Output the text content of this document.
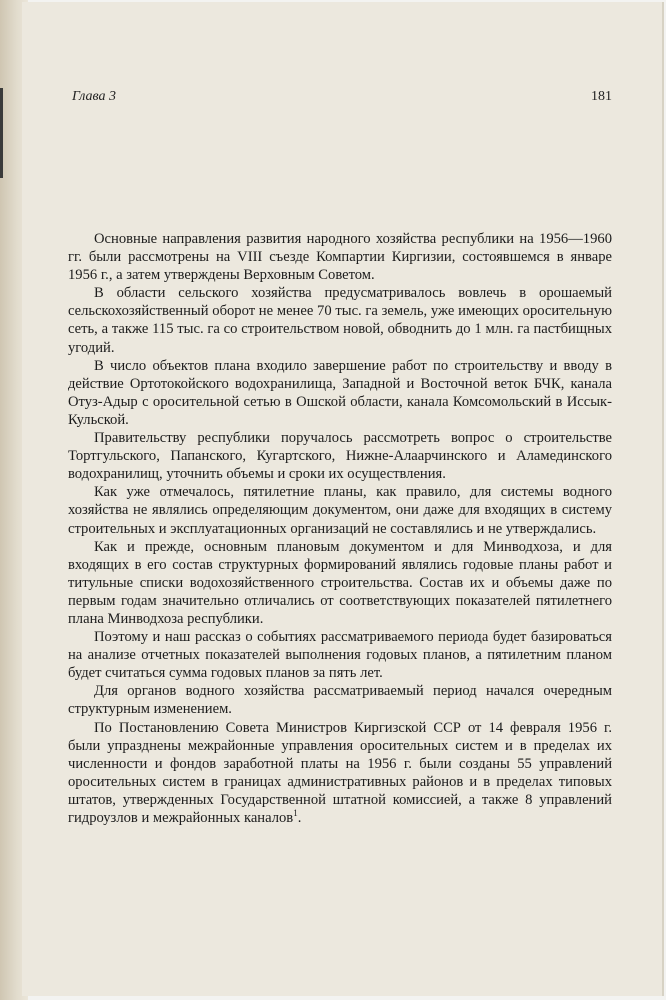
Глава 3	181

Основные направления развития народного хозяйства республики на 1956—1960 гг. были рассмотрены на VIII съезде Компартии Киргизии, состоявшемся в январе 1956 г., а затем утверждены Верховным Советом.

В области сельского хозяйства предусматривалось вовлечь в орошаемый сельскохозяйственный оборот не менее 70 тыс. га земель, уже имеющих оросительную сеть, а также 115 тыс. га со строительством новой, обводнить до 1 млн. га пастбищных угодий.

В число объектов плана входило завершение работ по строительству и вводу в действие Ортотокойского водохранилища, Западной и Восточной веток БЧК, канала Отуз-Адыр с оросительной сетью в Ошской области, канала Комсомольский в Иссык-Кульской.

Правительству республики поручалось рассмотреть вопрос о строительстве Тортгульского, Папанского, Кугартского, Нижне-Алаарчинского и Аламединского водохранилищ, уточнить объемы и сроки их осуществления.

Как уже отмечалось, пятилетние планы, как правило, для системы водного хозяйства не являлись определяющим документом, они даже для входящих в систему строительных и эксплуатационных организаций не составлялись и не утверждались.

Как и прежде, основным плановым документом и для Минводхоза, и для входящих в его состав структурных формирований являлись годовые планы работ и титульные списки водохозяйственного строительства. Состав их и объемы даже по первым годам значительно отличались от соответствующих показателей пятилетнего плана Минводхоза республики.

Поэтому и наш рассказ о событиях рассматриваемого периода будет базироваться на анализе отчетных показателей выполнения годовых планов, а пятилетним планом будет считаться сумма годовых планов за пять лет.

Для органов водного хозяйства рассматриваемый период начался очередным структурным изменением.

По Постановлению Совета Министров Киргизской ССР от 14 февраля 1956 г. были упразднены межрайонные управления оросительных систем и в пределах их численности и фондов заработной платы на 1956 г. были созданы 55 управлений оросительных систем в границах административных районов и в пределах типовых штатов, утвержденных Государственной штатной комиссией, а также 8 управлений гидроузлов и межрайонных каналов$^1$.
